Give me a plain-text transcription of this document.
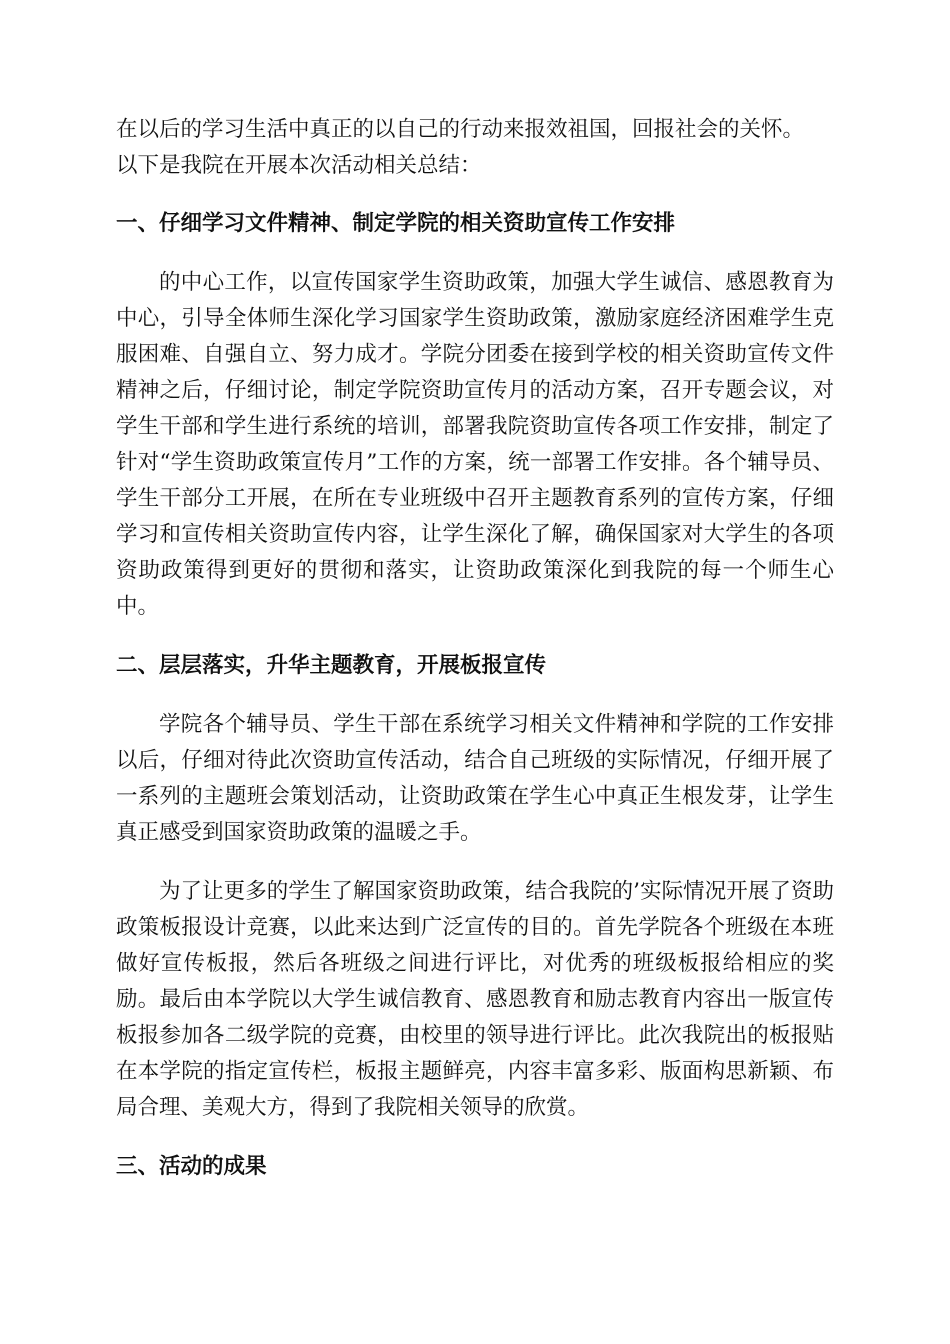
在以后的学习生活中真正的以自己的行动来报效祖国，回报社会的关怀。

以下是我院在开展本次活动相关总结：

一、仔细学习文件精神、制定学院的相关资助宣传工作安排

的中心工作，以宣传国家学生资助政策，加强大学生诚信、感恩教育为中心，引导全体师生深化学习国家学生资助政策，激励家庭经济困难学生克服困难、自强自立、努力成才。学院分团委在接到学校的相关资助宣传文件精神之后，仔细讨论，制定学院资助宣传月的活动方案，召开专题会议，对学生干部和学生进行系统的培训，部署我院资助宣传各项工作安排，制定了针对“学生资助政策宣传月”工作的方案，统一部署工作安排。各个辅导员、学生干部分工开展，在所在专业班级中召开主题教育系列的宣传方案，仔细学习和宣传相关资助宣传内容，让学生深化了解，确保国家对大学生的各项资助政策得到更好的贯彻和落实，让资助政策深化到我院的每一个师生心中。

二、层层落实，升华主题教育，开展板报宣传

学院各个辅导员、学生干部在系统学习相关文件精神和学院的工作安排以后，仔细对待此次资助宣传活动，结合自己班级的实际情况，仔细开展了一系列的主题班会策划活动，让资助政策在学生心中真正生根发芽，让学生真正感受到国家资助政策的温暖之手。

为了让更多的学生了解国家资助政策，结合我院的’实际情况开展了资助政策板报设计竞赛，以此来达到广泛宣传的目的。首先学院各个班级在本班做好宣传板报，然后各班级之间进行评比，对优秀的班级板报给相应的奖励。最后由本学院以大学生诚信教育、感恩教育和励志教育内容出一版宣传板报参加各二级学院的竞赛，由校里的领导进行评比。此次我院出的板报贴在本学院的指定宣传栏，板报主题鲜亮，内容丰富多彩、版面构思新颖、布局合理、美观大方，得到了我院相关领导的欣赏。

三、活动的成果
